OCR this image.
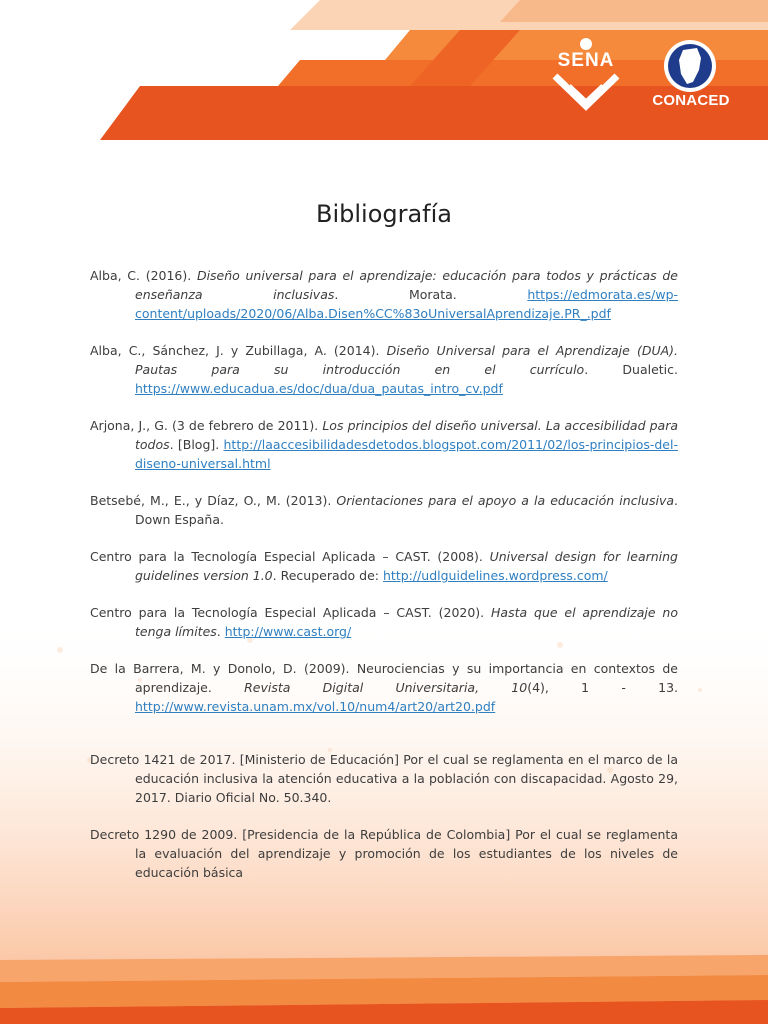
SENA
CONACED
Bibliografía
Alba, C. (2016). Diseño universal para el aprendizaje: educación para todos y prácticas de enseñanza inclusivas. Morata. https://edmorata.es/wp-content/uploads/2020/06/Alba.Disen%CC%83oUniversalAprendizaje.PR_.pdf
Alba, C., Sánchez, J. y Zubillaga, A. (2014). Diseño Universal para el Aprendizaje (DUA). Pautas para su introducción en el currículo. Dualetic. https://www.educadua.es/doc/dua/dua_pautas_intro_cv.pdf
Arjona, J., G. (3 de febrero de 2011). Los principios del diseño universal. La accesibilidad para todos. [Blog]. http://laaccesibilidadesdetodos.blogspot.com/2011/02/los-principios-del-diseno-universal.html
Betsebé, M., E., y Díaz, O., M. (2013). Orientaciones para el apoyo a la educación inclusiva. Down España.
Centro para la Tecnología Especial Aplicada – CAST. (2008). Universal design for learning guidelines version 1.0. Recuperado de: http://udlguidelines.wordpress.com/
Centro para la Tecnología Especial Aplicada – CAST. (2020). Hasta que el aprendizaje no tenga límites. http://www.cast.org/
De la Barrera, M. y Donolo, D. (2009). Neurociencias y su importancia en contextos de aprendizaje. Revista Digital Universitaria, 10(4), 1 - 13. http://www.revista.unam.mx/vol.10/num4/art20/art20.pdf
Decreto 1421 de 2017. [Ministerio de Educación] Por el cual se reglamenta en el marco de la educación inclusiva la atención educativa a la población con discapacidad. Agosto 29, 2017. Diario Oficial No. 50.340.
Decreto 1290 de 2009. [Presidencia de la República de Colombia] Por el cual se reglamenta la evaluación del aprendizaje y promoción de los estudiantes de los niveles de educación básica
